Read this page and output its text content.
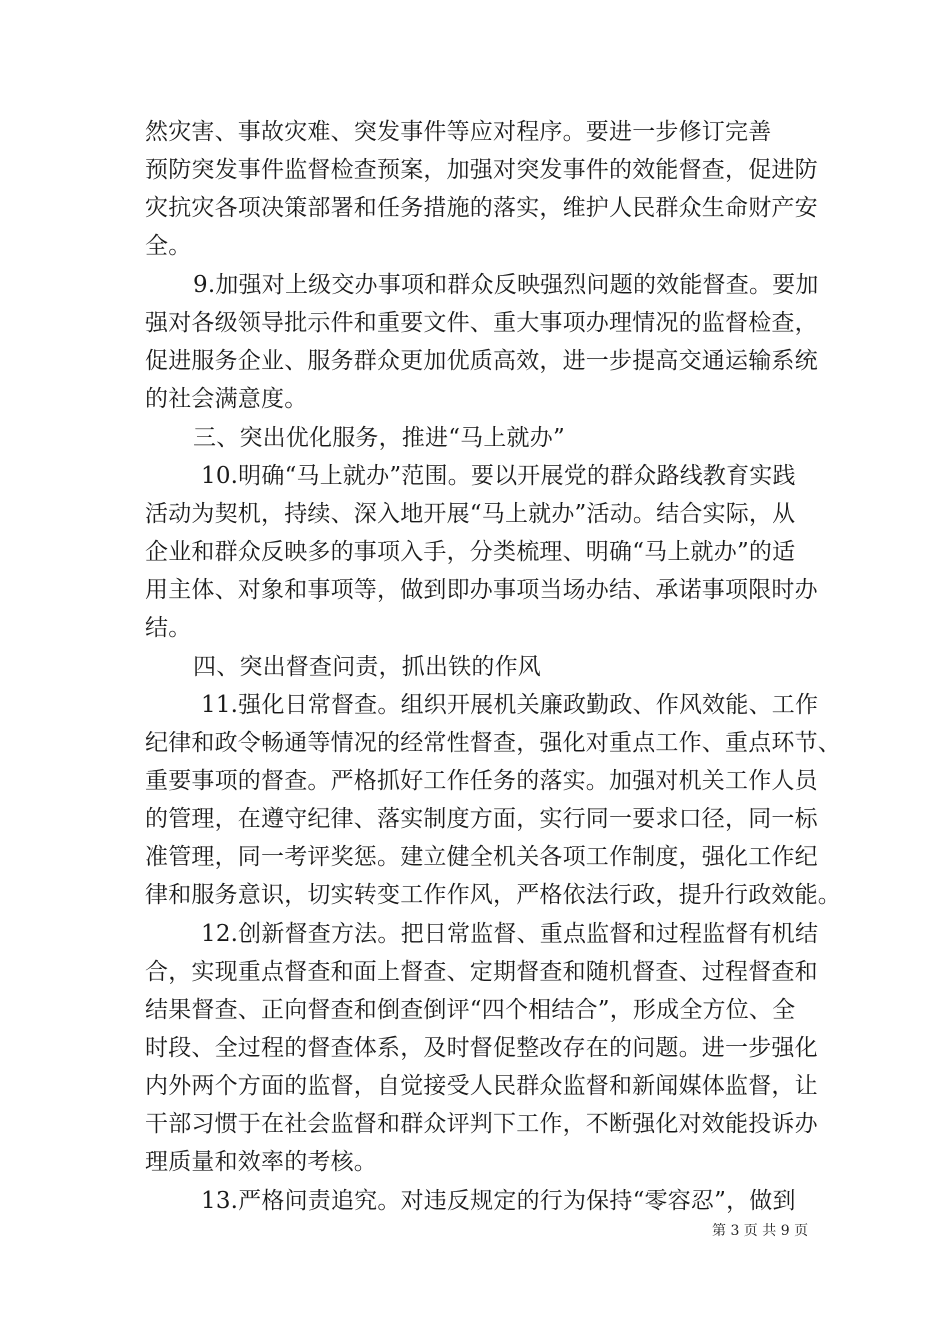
然灾害、事故灾难、突发事件等应对程序。要进一步修订完善
预防突发事件监督检查预案，加强对突发事件的效能督查，促进防
灾抗灾各项决策部署和任务措施的落实，维护人民群众生命财产安
全。
9.加强对上级交办事项和群众反映强烈问题的效能督查。要加
强对各级领导批示件和重要文件、重大事项办理情况的监督检查，
促进服务企业、服务群众更加优质高效，进一步提高交通运输系统
的社会满意度。
三、突出优化服务，推进“马上就办”
10.明确“马上就办”范围。要以开展党的群众路线教育实践
活动为契机，持续、深入地开展“马上就办”活动。结合实际，从
企业和群众反映多的事项入手，分类梳理、明确“马上就办”的适
用主体、对象和事项等，做到即办事项当场办结、承诺事项限时办
结。
四、突出督查问责，抓出铁的作风
11.强化日常督查。组织开展机关廉政勤政、作风效能、工作
纪律和政令畅通等情况的经常性督查，强化对重点工作、重点环节、
重要事项的督查。严格抓好工作任务的落实。加强对机关工作人员
的管理，在遵守纪律、落实制度方面，实行同一要求口径，同一标
准管理，同一考评奖惩。建立健全机关各项工作制度，强化工作纪
律和服务意识，切实转变工作作风，严格依法行政，提升行政效能。
12.创新督查方法。把日常监督、重点监督和过程监督有机结
合，实现重点督查和面上督查、定期督查和随机督查、过程督查和
结果督查、正向督查和倒查倒评“四个相结合”，形成全方位、全
时段、全过程的督查体系，及时督促整改存在的问题。进一步强化
内外两个方面的监督，自觉接受人民群众监督和新闻媒体监督，让
干部习惯于在社会监督和群众评判下工作，不断强化对效能投诉办
理质量和效率的考核。
13.严格问责追究。对违反规定的行为保持“零容忍”，做到
第 3 页 共 9 页
